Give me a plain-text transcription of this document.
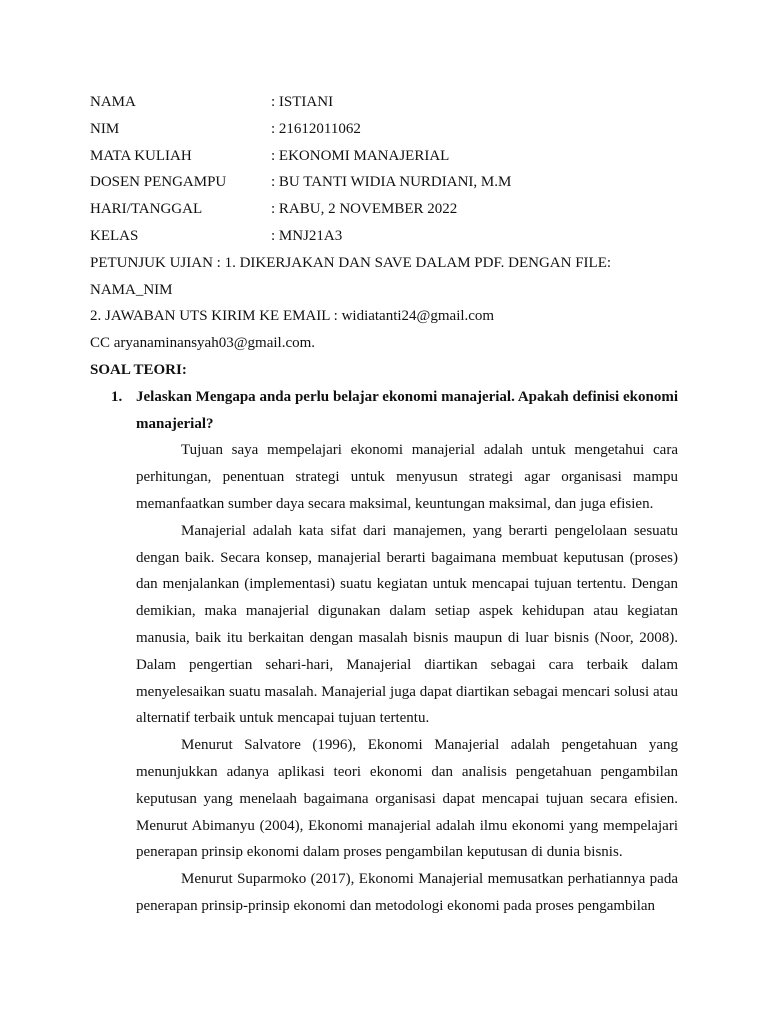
NAMA	: ISTIANI
NIM	: 21612011062
MATA KULIAH	: EKONOMI MANAJERIAL
DOSEN PENGAMPU	: BU TANTI WIDIA NURDIANI, M.M
HARI/TANGGAL	: RABU, 2 NOVEMBER 2022
KELAS	: MNJ21A3
PETUNJUK UJIAN : 1. DIKERJAKAN DAN SAVE DALAM PDF. DENGAN FILE:
NAMA_NIM
2. JAWABAN UTS KIRIM KE EMAIL : widiatanti24@gmail.com
CC aryanaminansyah03@gmail.com.
SOAL TEORI:
1. Jelaskan Mengapa anda perlu belajar ekonomi manajerial. Apakah definisi ekonomi manajerial?

Tujuan saya mempelajari ekonomi manajerial adalah untuk mengetahui cara perhitungan, penentuan strategi untuk menyusun strategi agar organisasi mampu memanfaatkan sumber daya secara maksimal, keuntungan maksimal, dan juga efisien.

Manajerial adalah kata sifat dari manajemen, yang berarti pengelolaan sesuatu dengan baik. Secara konsep, manajerial berarti bagaimana membuat keputusan (proses) dan menjalankan (implementasi) suatu kegiatan untuk mencapai tujuan tertentu. Dengan demikian, maka manajerial digunakan dalam setiap aspek kehidupan atau kegiatan manusia, baik itu berkaitan dengan masalah bisnis maupun di luar bisnis (Noor, 2008). Dalam pengertian sehari-hari, Manajerial diartikan sebagai cara terbaik dalam menyelesaikan suatu masalah. Manajerial juga dapat diartikan sebagai mencari solusi atau alternatif terbaik untuk mencapai tujuan tertentu.

Menurut Salvatore (1996), Ekonomi Manajerial adalah pengetahuan yang menunjukkan adanya aplikasi teori ekonomi dan analisis pengetahuan pengambilan keputusan yang menelaah bagaimana organisasi dapat mencapai tujuan secara efisien. Menurut Abimanyu (2004), Ekonomi manajerial adalah ilmu ekonomi yang mempelajari penerapan prinsip ekonomi dalam proses pengambilan keputusan di dunia bisnis.

Menurut Suparmoko (2017), Ekonomi Manajerial memusatkan perhatiannya pada penerapan prinsip-prinsip ekonomi dan metodologi ekonomi pada proses pengambilan
